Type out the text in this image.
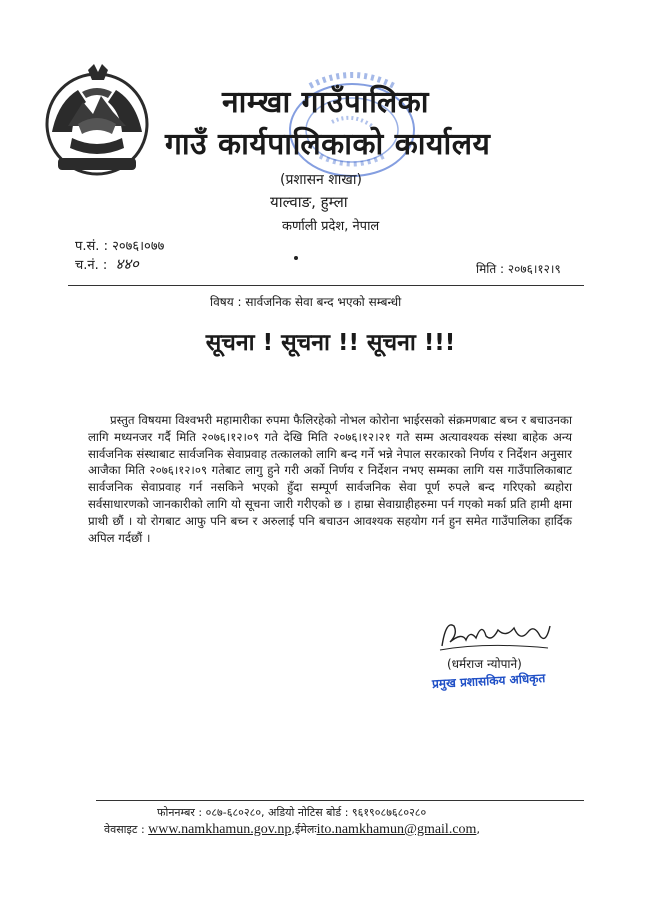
नाम्खा गाउँपालिका
गाउँ कार्यपालिकाको कार्यालय
(प्रशासन शाखा)
याल्वाङ, हुम्ला
कर्णाली प्रदेश, नेपाल
प.सं. : २०७६।०७७
च.नं. : ४४०	मिति : २०७६।१२।९
विषय : सार्वजनिक सेवा बन्द भएको सम्बन्धी
सूचना ! सूचना !! सूचना !!!
प्रस्तुत विषयमा विश्वभरी महामारीका रुपमा फैलिरहेको नोभल कोरोना भाईरसको संक्रमणबाट बच्न र बचाउनका लागि मध्यनजर गर्दै मिति २०७६।१२।०९ गते देखि मिति २०७६।१२।२१ गते सम्म अत्यावश्यक संस्था बाहेक अन्य सार्वजनिक संस्थाबाट सार्वजनिक सेवाप्रवाह तत्कालको लागि बन्द गर्ने भन्ने नेपाल सरकारको निर्णय र निर्देशन अनुसार आजैका मिति २०७६।१२।०९ गतेबाट लागु हुने गरी अर्को निर्णय र निर्देशन नभए सम्मका लागि यस गाउँपालिकाबाट सार्वजनिक सेवाप्रवाह गर्न नसकिने भएको हुँदा सम्पूर्ण सार्वजनिक सेवा पूर्ण रुपले बन्द गरिएको ब्यहोरा सर्वसाधारणको जानकारीको लागि यो सूचना जारी गरीएको छ । हाम्रा सेवाग्राहीहरुमा पर्न गएको मर्का प्रति हामी क्षमा प्राथी छौं । यो रोगबाट आफु पनि बच्न र अरुलाई पनि बचाउन आवश्यक सहयोग गर्न हुन समेत गाउँपालिका हार्दिक अपिल गर्दछौं ।
(धर्मराज न्योपाने)
प्रमुख प्रशासकिय अधिकृत
फोननम्बर : ०८७-६८०२८०, अडियो नोटिस बोर्ड : ९६१९०८७६८०२८०
वेवसाइट : www.namkhamun.gov.np,ईमेलःito.namkhamun@gmail.com,
